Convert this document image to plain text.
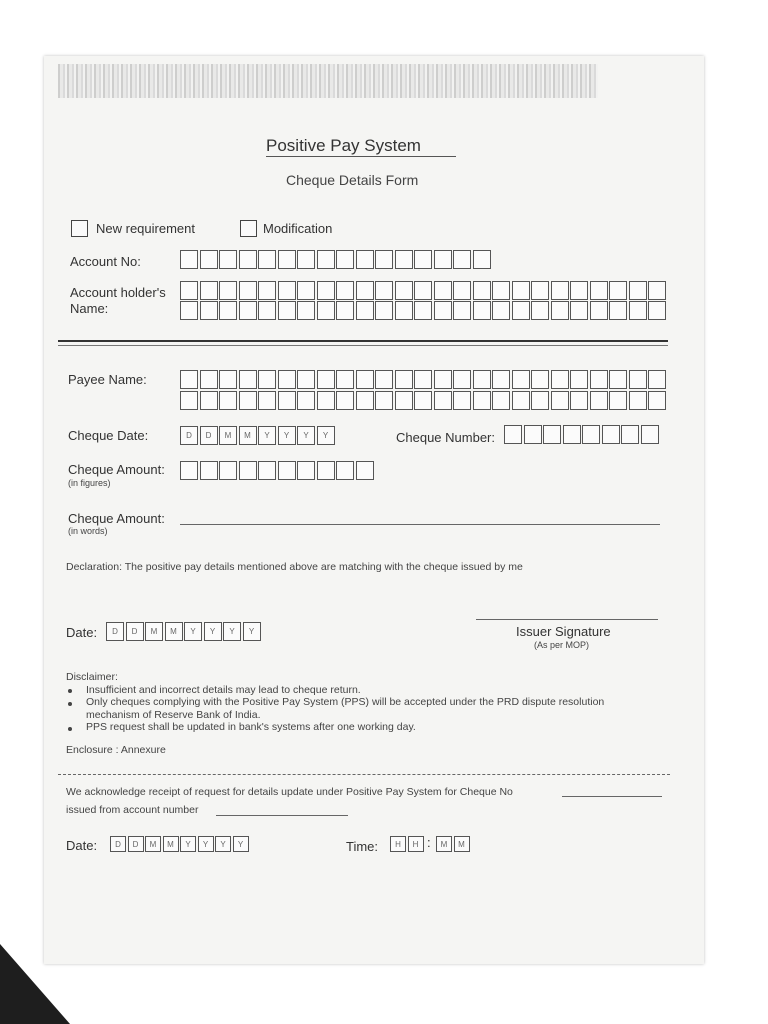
Positive Pay System
Cheque Details Form
New requirement	Modification
Account No:
Account holder's
Name:
Payee Name:
Cheque Date:	D	D	M	M	Y	Y	Y	Y	Cheque Number:
Cheque Amount:
(in figures)
Cheque Amount:
(in words)
Declaration: The positive pay details mentioned above are matching with the cheque issued by me
Date:	D	D	M	M	Y	Y	Y	Y	Issuer Signature
(As per MOP)
Disclaimer:
Insufficient and incorrect details may lead to cheque return.
Only cheques complying with the Positive Pay System (PPS) will be accepted under the PRD dispute resolution
mechanism of Reserve Bank of India.
PPS request shall be updated in bank's systems after one working day.
Enclosure : Annexure
We acknowledge receipt of request for details update under Positive Pay System for Cheque No
issued from account number
Date:	D	D	M	M	Y	Y	Y	Y	Time:	H	H :	M	M
